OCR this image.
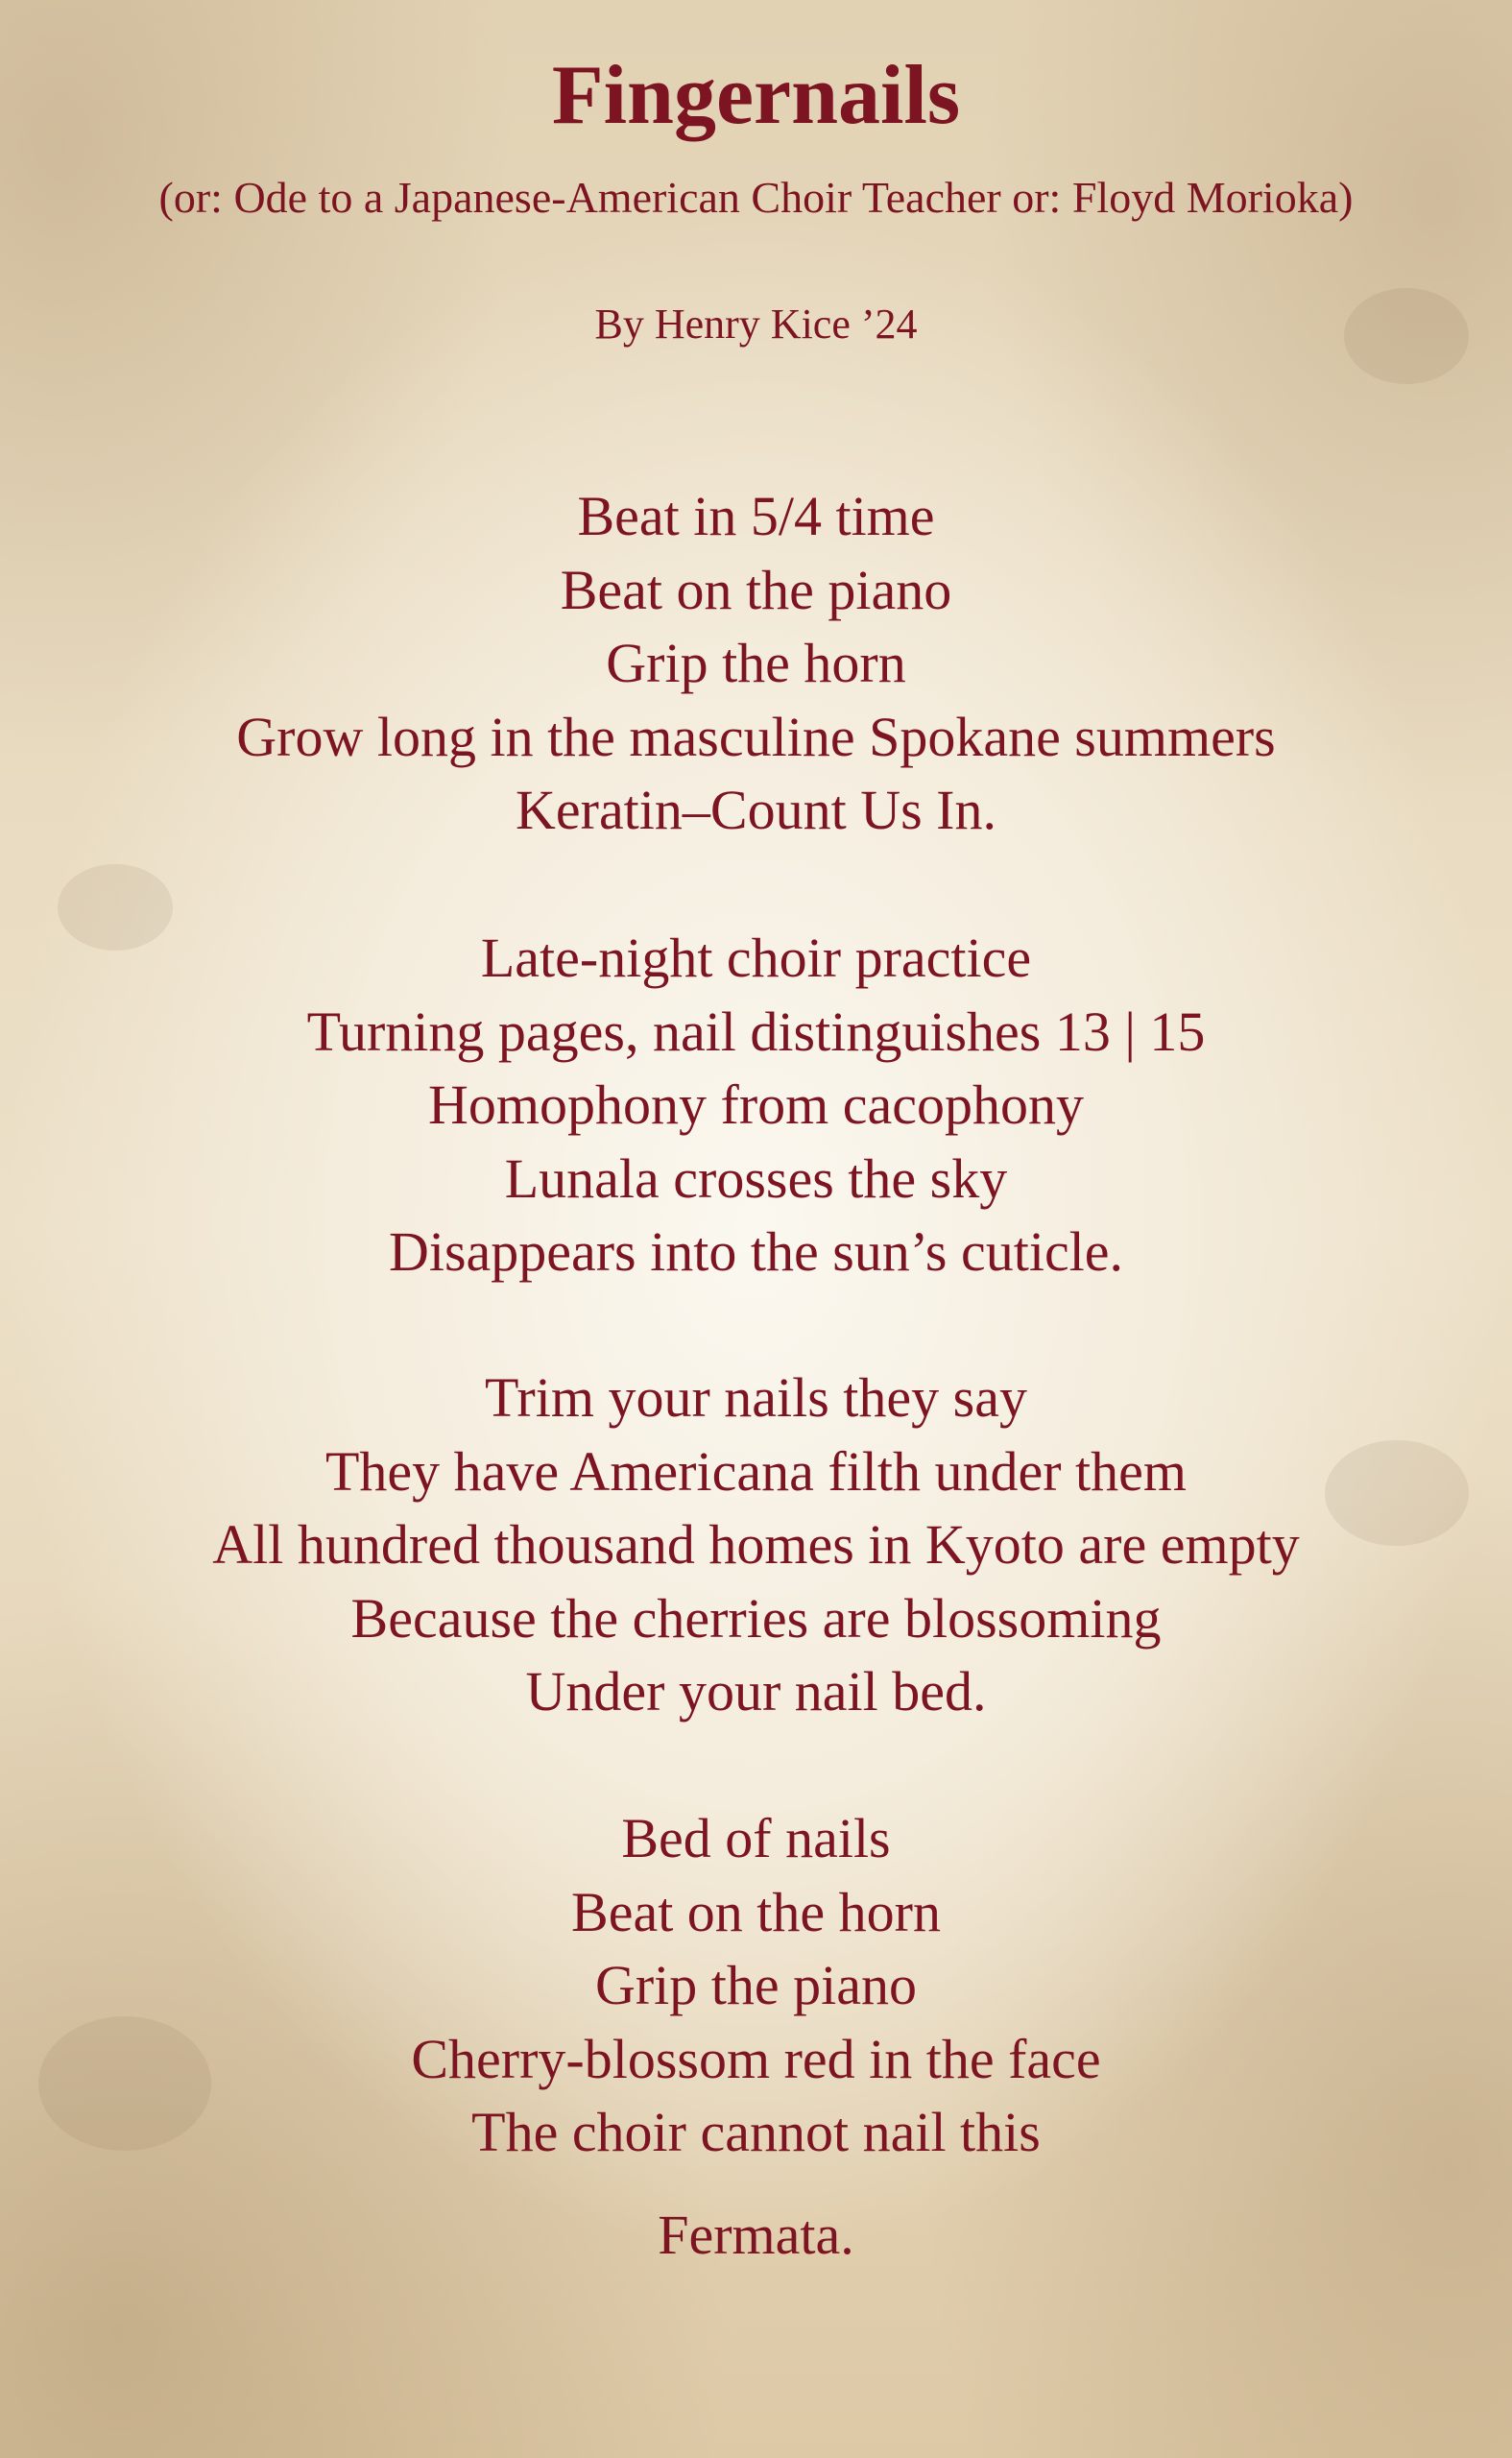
Fingernails
(or: Ode to a Japanese-American Choir Teacher or: Floyd Morioka)
By Henry Kice ’24
Beat in 5/4 time
Beat on the piano
Grip the horn
Grow long in the masculine Spokane summers
Keratin–Count Us In.
Late-night choir practice
Turning pages, nail distinguishes 13 | 15
Homophony from cacophony
Lunala crosses the sky
Disappears into the sun’s cuticle.
Trim your nails they say
They have Americana filth under them
All hundred thousand homes in Kyoto are empty
Because the cherries are blossoming
Under your nail bed.
Bed of nails
Beat on the horn
Grip the piano
Cherry-blossom red in the face
The choir cannot nail this
Fermata.
